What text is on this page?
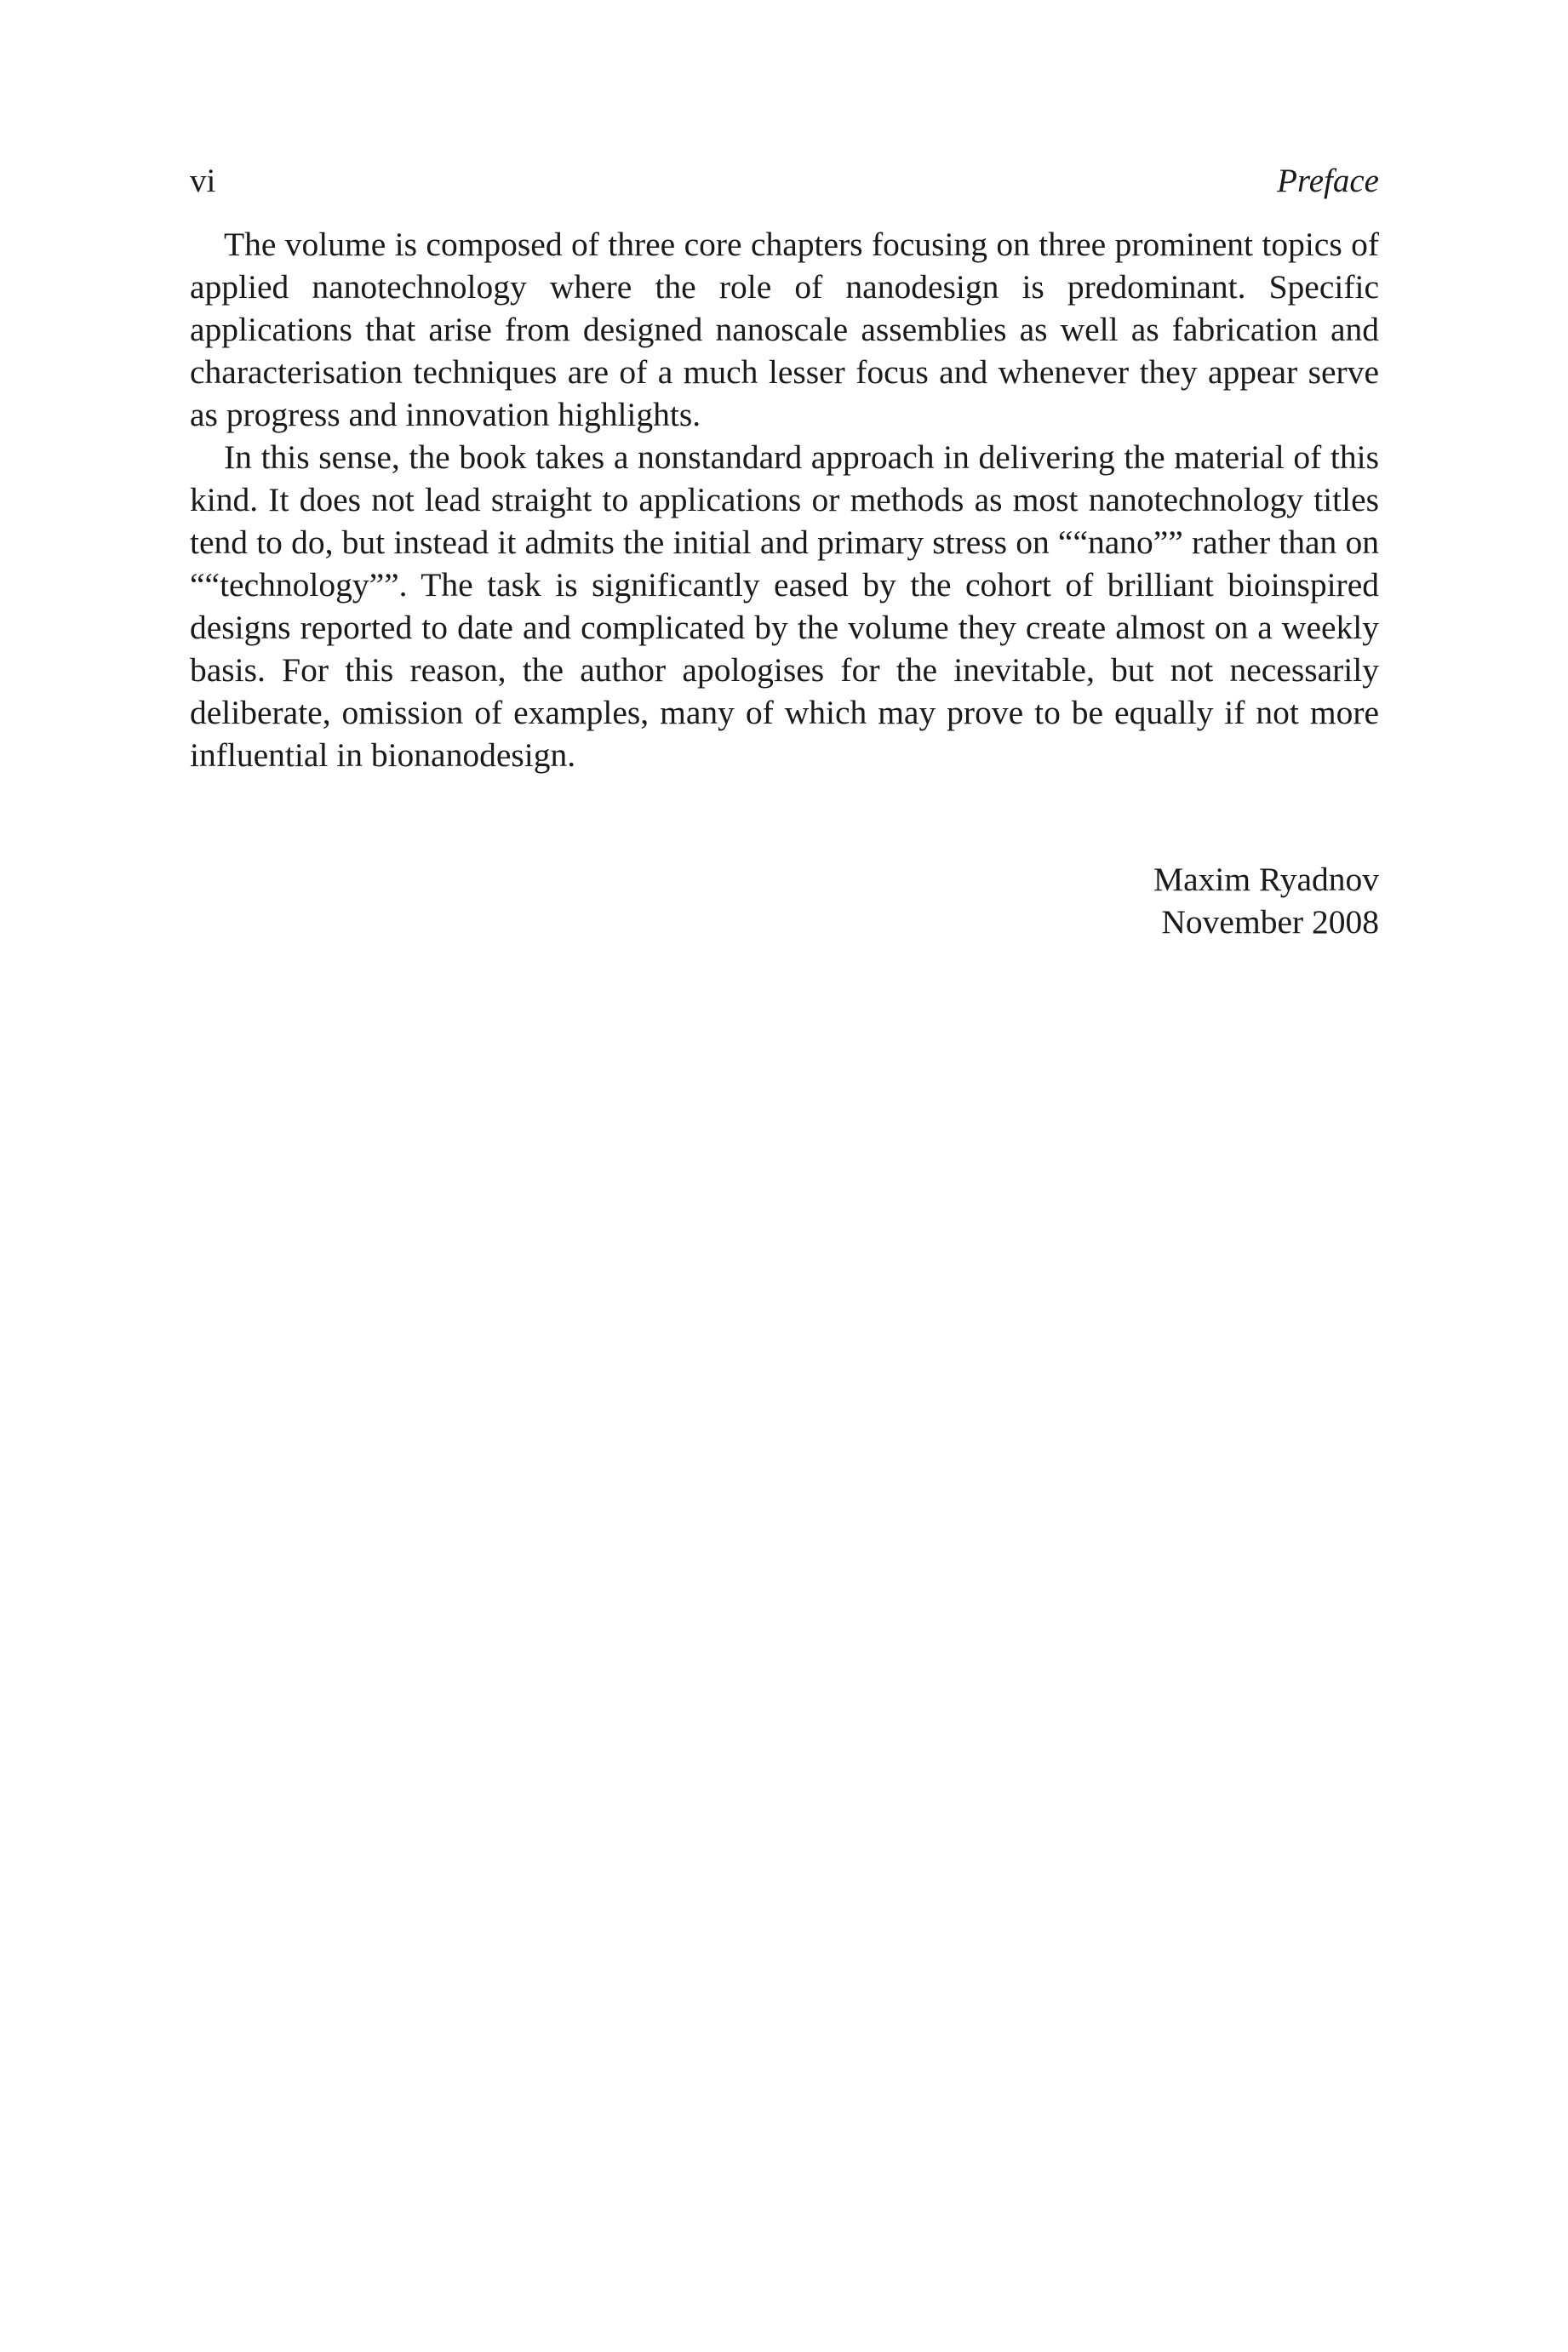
vi	Preface

The volume is composed of three core chapters focusing on three prominent topics of applied nanotechnology where the role of nanodesign is predominant. Specific applications that arise from designed nanoscale assemblies as well as fabrication and characterisation techniques are of a much lesser focus and whenever they appear serve as progress and innovation highlights.

In this sense, the book takes a nonstandard approach in delivering the material of this kind. It does not lead straight to applications or methods as most nanotechnology titles tend to do, but instead it admits the initial and primary stress on ““nano”” rather than on ““technology””. The task is significantly eased by the cohort of brilliant bioinspired designs reported to date and complicated by the volume they create almost on a weekly basis. For this reason, the author apologises for the inevitable, but not necessarily deliberate, omission of examples, many of which may prove to be equally if not more influential in bionanodesign.

Maxim Ryadnov
November 2008
